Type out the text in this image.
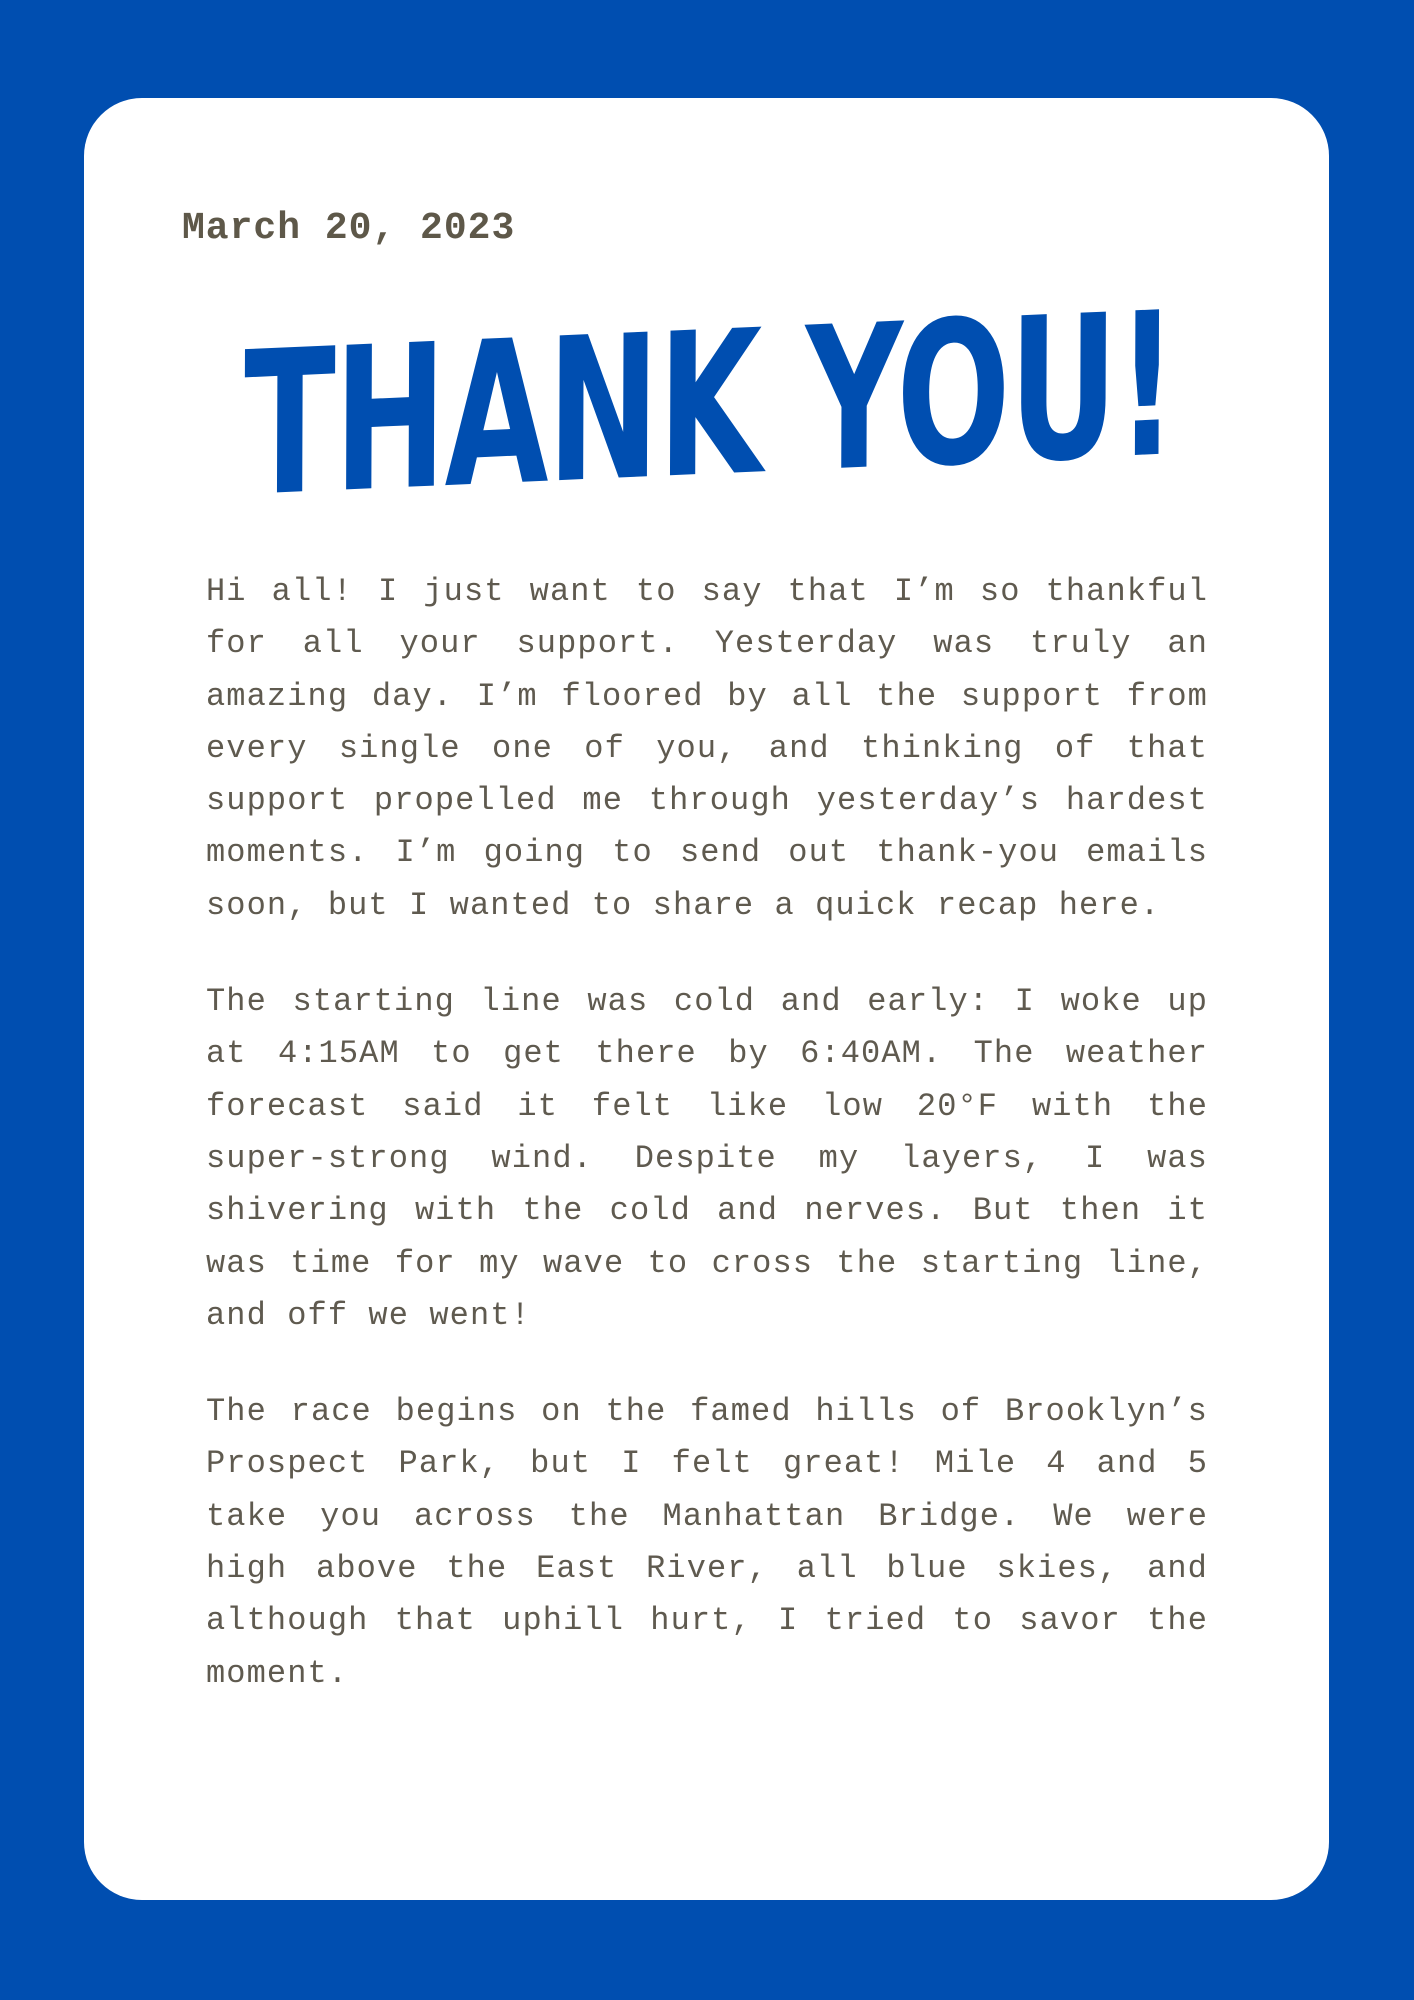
March 20, 2023

THANK YOU!

Hi all! I just want to say that I’m so thankful for all your support. Yesterday was truly an amazing day. I’m floored by all the support from every single one of you, and thinking of that support propelled me through yesterday’s hardest moments. I’m going to send out thank-you emails soon, but I wanted to share a quick recap here.

The starting line was cold and early: I woke up at 4:15AM to get there by 6:40AM. The weather forecast said it felt like low 20°F with the super-strong wind. Despite my layers, I was shivering with the cold and nerves. But then it was time for my wave to cross the starting line, and off we went!

The race begins on the famed hills of Brooklyn’s Prospect Park, but I felt great! Mile 4 and 5 take you across the Manhattan Bridge. We were high above the East River, all blue skies, and although that uphill hurt, I tried to savor the moment.
